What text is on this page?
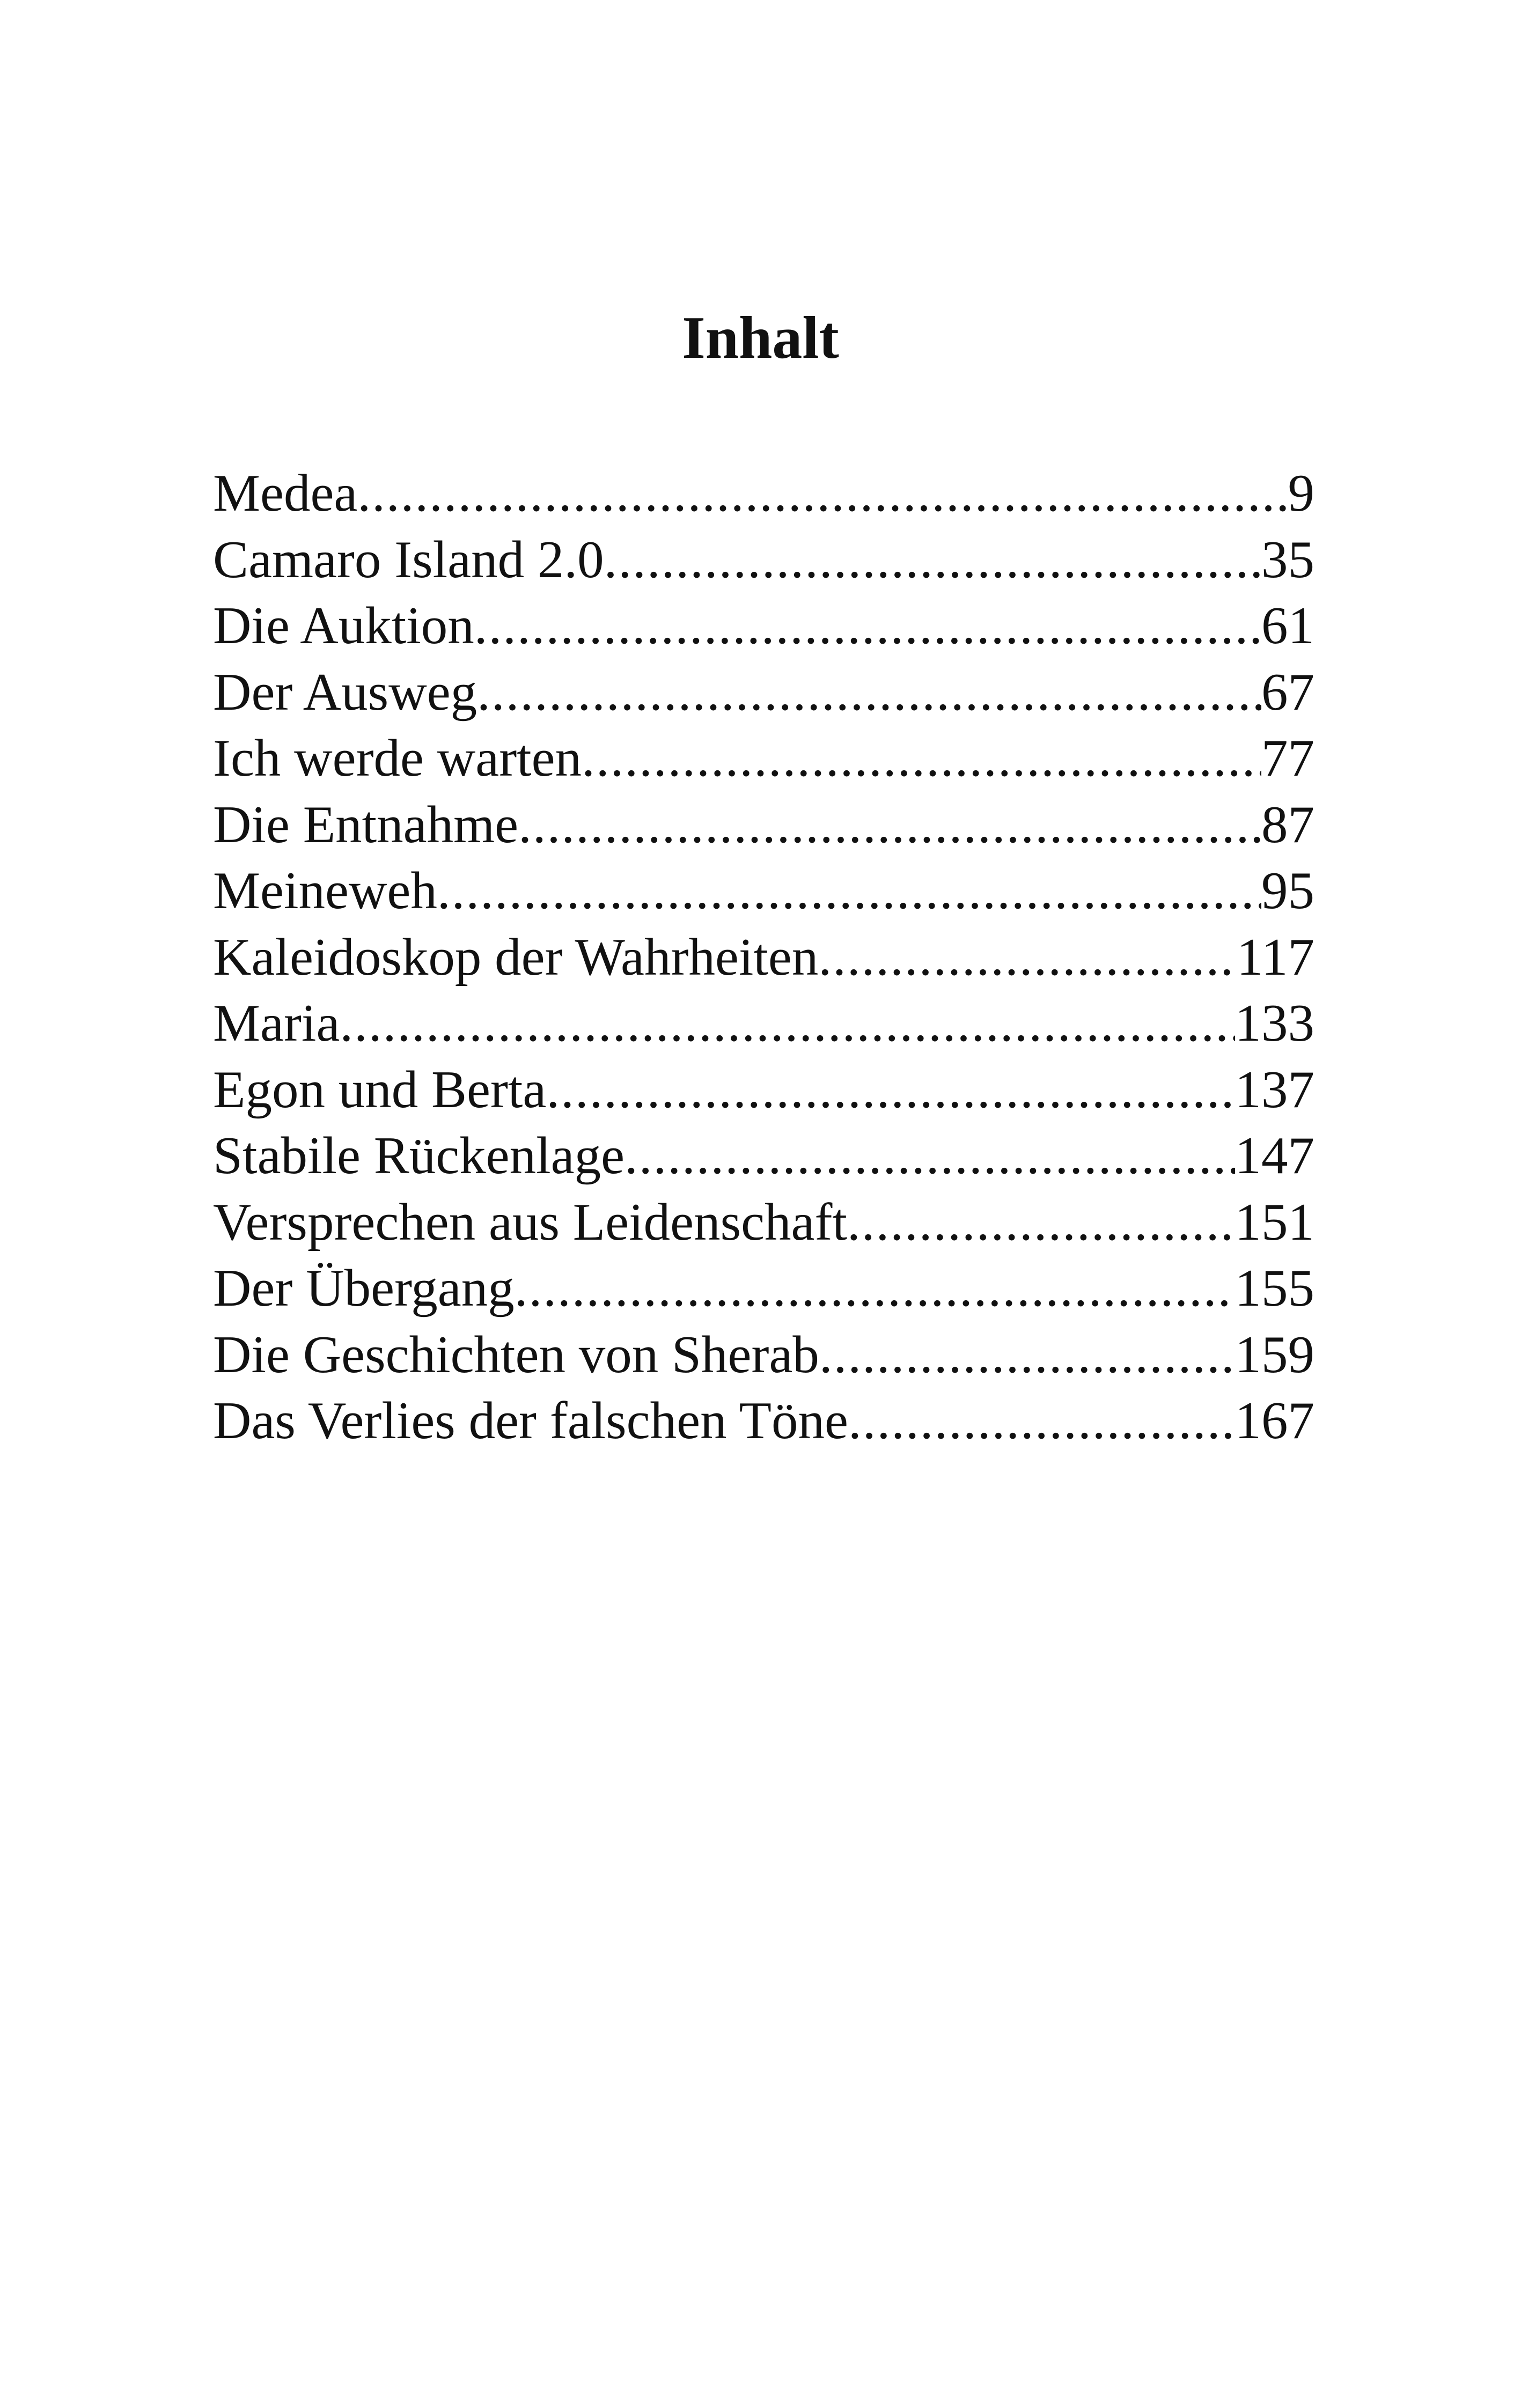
Inhalt
Medea .....	9
Camaro Island 2.0 .....	35
Die Auktion .....	61
Der Ausweg .....	67
Ich werde warten .....	77
Die Entnahme .....	87
Meineweh .....	95
Kaleidoskop der Wahrheiten .....	117
Maria .....	133
Egon und Berta .....	137
Stabile Rückenlage .....	147
Versprechen aus Leidenschaft .....	151
Der Übergang .....	155
Die Geschichten von Sherab .....	159
Das Verlies der falschen Töne .....	167
